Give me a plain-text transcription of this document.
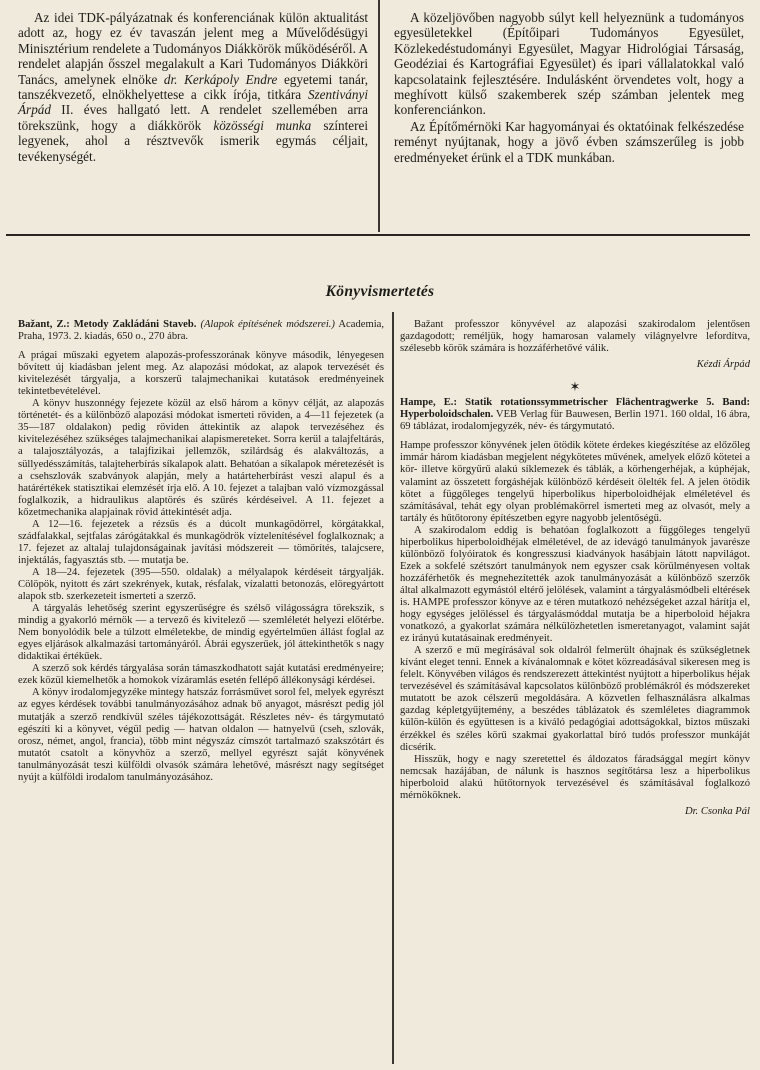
Az idei TDK-pályázatnak és konferenciának külön aktualitást adott az, hogy ez év tavaszán jelent meg a Művelődésügyi Minisztérium rendelete a Tudományos Diákkörök működéséről. A rendelet alapján ősszel megalakult a Kari Tudományos Diákköri Tanács, amelynek elnöke dr. Kerkápoly Endre egyetemi tanár, tanszékvezető, elnökhelyettese a cikk írója, titkára Szentiványi Árpád II. éves hallgató lett. A rendelet szellemében arra törekszünk, hogy a diákkörök közösségi munka színterei legyenek, ahol a résztvevők ismerik egymás céljait, tevékenységét.

A közeljövőben nagyobb súlyt kell helyeznünk a tudományos egyesületekkel (Építőipari Tudományos Egyesület, Közlekedéstudományi Egyesület, Magyar Hidrológiai Társaság, Geodéziai és Kartográfiai Egyesület) és ipari vállalatokkal való kapcsolataink fejlesztésére. Indulásként örvendetes volt, hogy a meghívott külső szakemberek szép számban jelentek meg konferenciánkon.

Az Építőmérnöki Kar hagyományai és oktatóinak felkészedése reményt nyújtanak, hogy a jövő évben számszerűleg is jobb eredményeket érünk el a TDK munkában.

Könyvismertetés

Bažant, Z.: Metody Zakládáni Staveb. (Alapok építésének módszerei.) Academia, Praha, 1973. 2. kiadás, 650 o., 270 ábra.

A prágai műszaki egyetem alapozás-professzorának könyve második, lényegesen bővített új kiadásban jelent meg. Az alapozási módokat, az alapok tervezését és kivitelezését tárgyalja, a korszerű talajmechanikai kutatások eredményeinek tekintetbevételével.

A könyv huszonnégy fejezete közül az első három a könyv célját, az alapozás történetét- és a különböző alapozási módokat ismerteti röviden, a 4—11 fejezetek (a 35—187 oldalakon) pedig röviden áttekintik az alapok tervezéséhez és kivitelezéséhez szükséges talajmechanikai alapismereteket. Sorra kerül a talajfeltárás, a talajosztályozás, a talajfizikai jellemzők, szilárdság és alakváltozás, a süllyedésszámítás, talajteherbírás síkalapok alatt. Behatóan a síkalapok méretezését is a csehszlovák szabványok alapján, mely a határteherbírást veszi alapul és a határértékek statisztikai elemzését írja elő. A 10. fejezet a talajban való vízmozgással foglalkozik, a hidraulikus alaptörés és szűrés kérdéseivel. A 11. fejezet a kőzetmechanika alapjainak rövid áttekintését adja.

A 12—16. fejezetek a rézsűs és a dúcolt munkagödörrel, körgátakkal, szádfalakkal, sejtfalas zárógátakkal és munkagödrök víztelenítésével foglalkoznak; a 17. fejezet az altalaj tulajdonságainak javítási módszereit — tömörítés, talajcsere, injektálás, fagyasztás stb. — mutatja be.

A 18—24. fejezetek (395—550. oldalak) a mélyalapok kérdéseit tárgyalják. Cölöpök, nyitott és zárt szekrények, kutak, résfalak, vízalatti betonozás, elöregyártott alapok stb. szerkezeteit ismerteti a szerző.

A tárgyalás lehetőség szerint egyszerűségre és szélső világosságra törekszik, s mindig a gyakorló mérnök — a tervező és kivitelező — szemléletét helyezi előtérbe. Nem bonyolódik bele a túlzott elméletekbe, de mindig egyértelműen állást foglal az egyes eljárások alkalmazási tartományáról. Ábrái egyszerűek, jól áttekinthetők s nagy didaktikai értékűek.

A szerző sok kérdés tárgyalása során támaszkodhatott saját kutatási eredményeire; ezek közül kiemelhetők a homokok vízáramlás esetén fellépő állékonysági kérdései.

A könyv irodalomjegyzéke mintegy hatszáz forrásművet sorol fel, melyek egyrészt az egyes kérdések további tanulmányozásához adnak bő anyagot, másrészt pedig jól mutatják a szerző rendkívül széles tájékozottságát. Részletes név- és tárgymutató egészíti ki a könyvet, végül pedig — hatvan oldalon — hatnyelvű (cseh, szlovák, orosz, német, angol, francia), több mint négyszáz címszót tartalmazó szakszótárt és mutatót csatolt a könyvhöz a szerző, mellyel egyrészt saját könyvének tanulmányozását teszi külföldi olvasók számára lehetővé, másrészt nagy segítséget nyújt a külföldi irodalom tanulmányozásához.

Bažant professzor könyvével az alapozási szakirodalom jelentősen gazdagodott; reméljük, hogy hamarosan valamely világnyelvre lefordítva, szélesebb körök számára is hozzáférhetővé válik.

Kézdi Árpád

✶

Hampe, E.: Statik rotationssymmetrischer Flächentragwerke 5. Band: Hyperboloidschalen. VEB Verlag für Bauwesen, Berlin 1971. 160 oldal, 16 ábra, 69 táblázat, irodalomjegyzék, név- és tárgymutató.

Hampe professzor könyvének jelen ötödik kötete érdekes kiegészítése az előzőleg immár három kiadásban megjelent négykötetes művének, amelyek előző kötetei a kör- illetve körgyűrű alakú síklemezek és táblák, a körhengerhéjak, a kúphéjak, valamint az összetett forgáshéjak különböző kérdéseit ölelték fel. A jelen ötödik kötet a függőleges tengelyű hiperbolikus hiperboloidhéjak elméletével és számításával, tehát egy olyan problémakörrel ismerteti meg az olvasót, mely a tartály és hűtőtorony építészetben egyre nagyobb jelentőségű.

A szakirodalom eddig is behatóan foglalkozott a függőleges tengelyű hiperbolikus hiperboloidhéjak elméletével, de az idevágó tanulmányok javarésze különböző folyóiratok és kongresszusi kiadványok hasábjain látott napvilágot. Ezek a sokfelé szétszórt tanulmányok nem egyszer csak körülményesen voltak hozzáférhetők és megnehezítették azok tanulmányozását a különböző szerzők által alkalmazott egymástól eltérő jelölések, valamint a tárgyalásmódbeli eltérések is. HAMPE professzor könyve az e téren mutatkozó nehézségeket azzal hárítja el, hogy egységes jelöléssel és tárgyalásmóddal mutatja be a hiperboloid héjakra vonatkozó, a gyakorlat számára nélkülözhetetlen ismeretanyagot, valamint saját ez irányú kutatásainak eredményeit.

A szerző e mű megírásával sok oldalról felmerült óhajnak és szükségletnek kívánt eleget tenni. Ennek a kívánalomnak e kötet közreadásával sikeresen meg is felelt. Könyvében világos és rendszerezett áttekintést nyújtott a hiperbolikus héjak tervezésével és számításával kapcsolatos különböző problémákról és módszereket mutatott be azok célszerű megoldására. A közvetlen felhasználásra alkalmas gazdag képletgyűjtemény, a beszédes táblázatok és szemléletes diagrammok külön-külön és együttesen is a kiváló pedagógiai adottságokkal, biztos műszaki érzékkel és széles körű szakmai gyakorlattal bíró tudós professzor munkáját dicsérik.

Hisszük, hogy e nagy szeretettel és áldozatos fáradsággal megírt könyv nemcsak hazájában, de nálunk is hasznos segítőtársa lesz a hiperbolikus hiperboloid alakú hűtőtornyok tervezésével és számításával foglalkozó mérnököknek.

Dr. Csonka Pál
